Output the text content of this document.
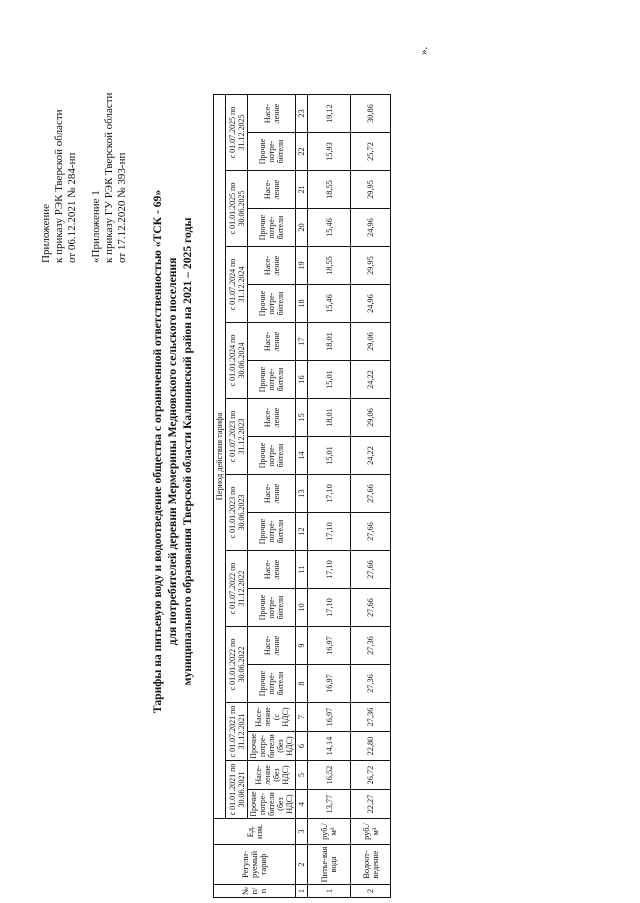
Приложение к приказу РЭК Тверской области от 06.12.2021 № 284-нп «Приложение 1 к приказу ГУ РЭК Тверской области от 17.12.2020 № 393-нп Тарифы на питьевую воду и водоотведение общества с ограниченной ответственностью «ТСК - 69» для потребителей деревни Мермерины Медновского сельского поселения муниципального образования Тверской области Калининский район на 2021 – 2025 годы
№ п/п	Регули-руемый тариф	Ед. изм.	Период действия тарифа																			
			с 01.01.2021 по 30.06.2021		с 01.07.2021 по 31.12.2021		с 01.01.2022 по 30.06.2022		с 01.07.2022 по 31.12.2022		с 01.01.2023 по 30.06.2023		с 01.07.2023 по 31.12.2023		с 01.01.2024 по 30.06.2024		с 01.07.2024 по 31.12.2024		с 01.01.2025 по 30.06.2025		с 01.07.2025 по 31.12.2025	
			Прочие потре-бители (без НДС)	Насе-ление (без НДС)	Прочие потре-бители (без НДС)	Насе-ление (с НДС)	Прочие потре-бители	Насе-ление	Прочие потре-бители	Насе-ление	Прочие потре-бители	Насе-ление	Прочие потре-бители	Насе-ление	Прочие потре-бители	Насе-ление	Прочие потре-бители	Насе-ление	Прочие потре-бители	Насе-ление	Прочие потре-бители	Насе-ление
1	2	3	4	5	6	7	8	9	10	11	12	13	14	15	16	17	18	19	20	21	22	23
1	Питье-вая вода	руб./м³	13,77	16,52	14,14	16,97	16,97	16,97	17,10	17,10	17,10	17,10	15,01	18,01	15,01	18,01	15,46	18,55	15,46	18,55	15,93	19,12
2	Водоот-ведение	руб./м³	22,27	26,72	22,80	27,36	27,36	27,36	27,66	27,66	27,66	27,66	24,22	29,06	24,22	29,06	24,96	29,95	24,96	29,95	25,72	30,86
».
